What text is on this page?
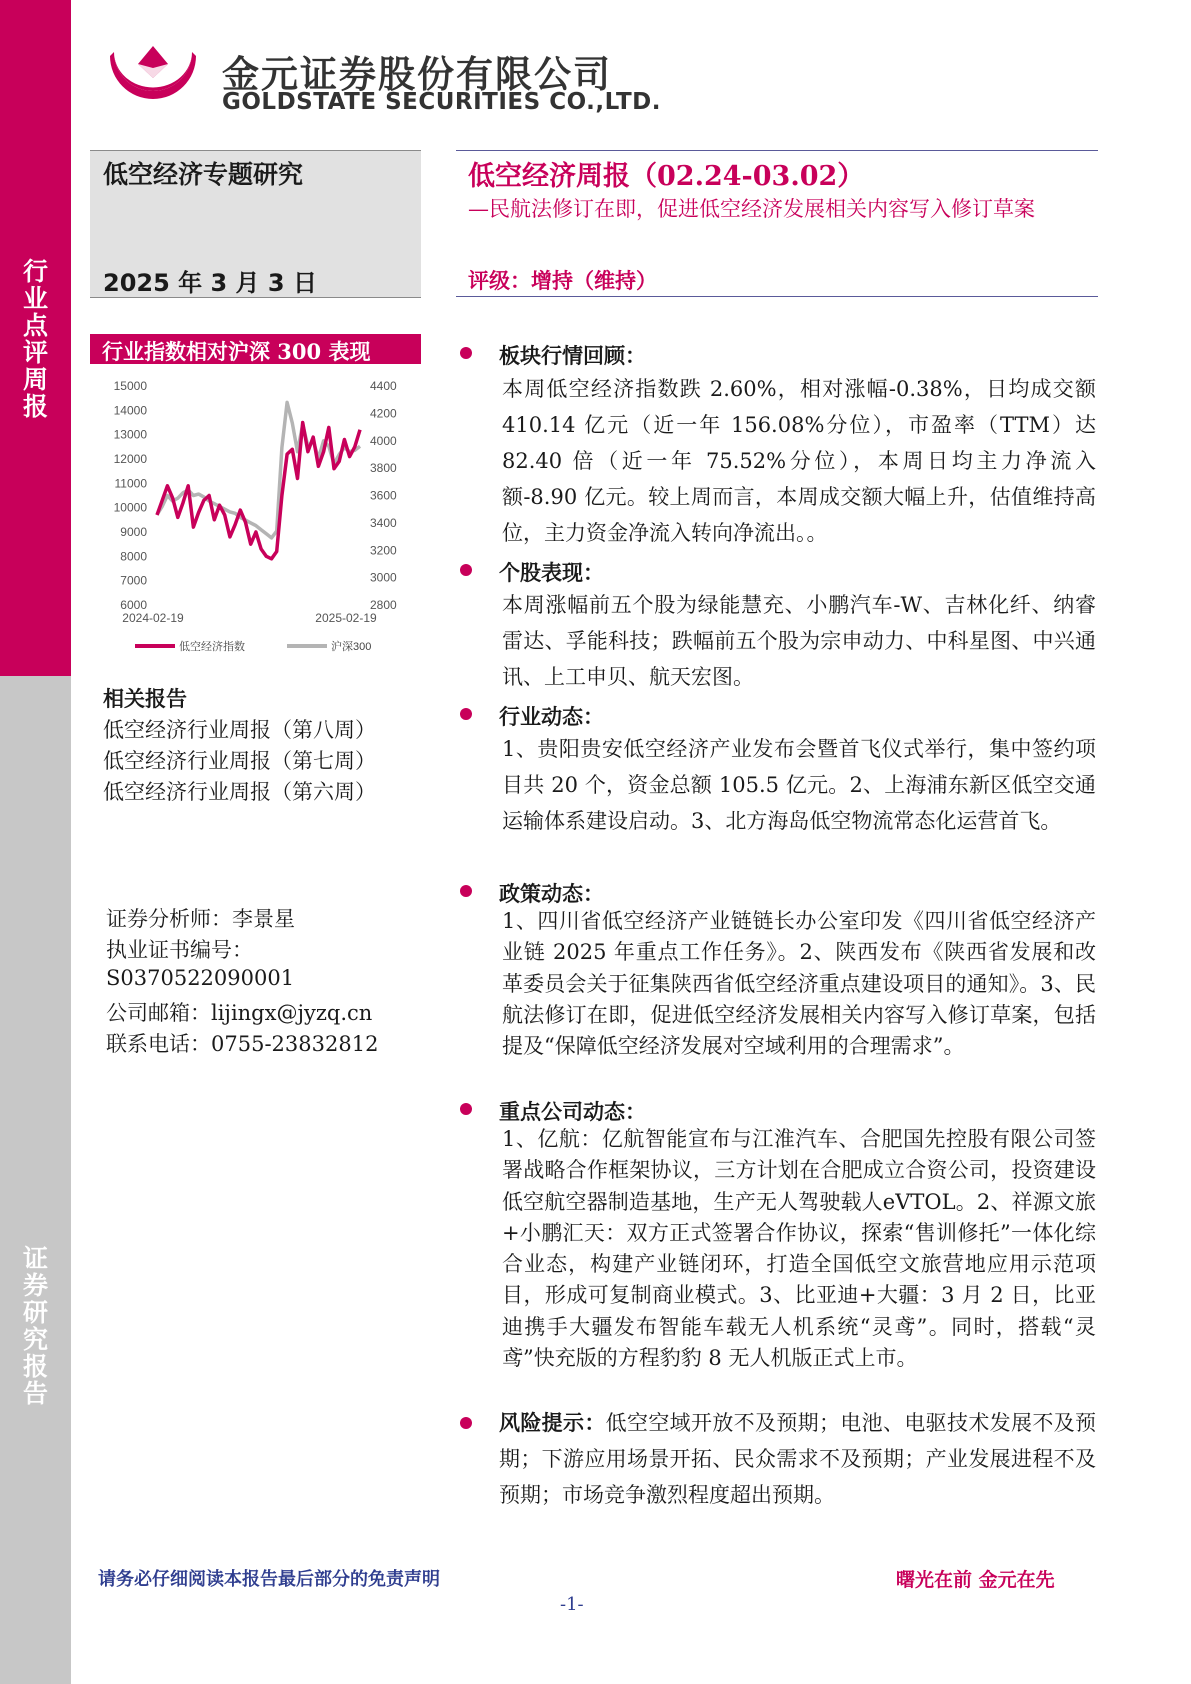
行
业
点
评
周
报
证
券
研
究
报
告
金元证券股份有限公司
GOLDSTATE SECURITIES CO.,LTD.
低空经济专题研究
2025 年 3 月 3 日
低空经济周报（02.24-03.02）
—民航法修订在即，促进低空经济发展相关内容写入修订草案
评级：增持（维持）
行业指数相对沪深 300 表现
15000
14000
13000
12000
11000
10000
9000
8000
7000
6000
4400
4200
4000
3800
3600
3400
3200
3000
2800
2024-02-19	2025-02-19
低空经济指数	沪深300
相关报告
低空经济行业周报（第八周）
低空经济行业周报（第七周）
低空经济行业周报（第六周）
证券分析师：李景星
执业证书编号：
S0370522090001
公司邮箱：lijingx@jyzq.cn
联系电话：0755-23832812
板块行情回顾：
本周低空经济指数跌 2.60%，相对涨幅-0.38%，日均成交额 410.14 亿元（近一年 156.08%分位），市盈率（TTM）达 82.40 倍（近一年 75.52%分位），本周日均主力净流入额-8.90 亿元。较上周而言，本周成交额大幅上升，估值维持高位，主力资金净流入转向净流出。。
个股表现：
本周涨幅前五个股为绿能慧充、小鹏汽车-W、吉林化纤、纳睿雷达、孚能科技；跌幅前五个股为宗申动力、中科星图、中兴通讯、上工申贝、航天宏图。
行业动态：
1、贵阳贵安低空经济产业发布会暨首飞仪式举行，集中签约项目共 20 个，资金总额 105.5 亿元。2、上海浦东新区低空交通运输体系建设启动。3、北方海岛低空物流常态化运营首飞。
政策动态：
1、四川省低空经济产业链链长办公室印发《四川省低空经济产业链 2025 年重点工作任务》。2、陕西发布《陕西省发展和改革委员会关于征集陕西省低空经济重点建设项目的通知》。3、民航法修订在即，促进低空经济发展相关内容写入修订草案，包括提及“保障低空经济发展对空域利用的合理需求”。
重点公司动态：
1、亿航：亿航智能宣布与江淮汽车、合肥国先控股有限公司签署战略合作框架协议，三方计划在合肥成立合资公司，投资建设低空航空器制造基地，生产无人驾驶载人eVTOL。2、祥源文旅+小鹏汇天：双方正式签署合作协议，探索“售训修托”一体化综合业态，构建产业链闭环，打造全国低空文旅营地应用示范项目，形成可复制商业模式。3、比亚迪+大疆：3 月 2 日，比亚迪携手大疆发布智能车载无人机系统“灵鸢”。同时，搭载“灵鸢”快充版的方程豹豹 8 无人机版正式上市。
风险提示：低空空域开放不及预期；电池、电驱技术发展不及预期；下游应用场景开拓、民众需求不及预期；产业发展进程不及预期；市场竞争激烈程度超出预期。
请务必仔细阅读本报告最后部分的免责声明	曙光在前 金元在先
-1-
